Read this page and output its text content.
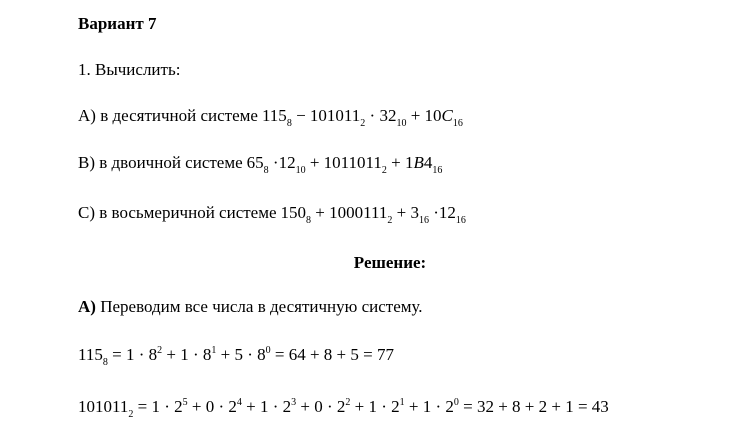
Вариант 7
1. Вычислить:
А) в десятичной системе $115_8 - 101011_2 \cdot 32_{10} + 10C_{16}$
B) в двоичной системе $65_8 \cdot 12_{10} + 1011011_2 + 1B4_{16}$
C) в восьмеричной системе $150_8 + 1000111_2 + 3_{16} \cdot 12_{16}$
Решение:
А) Переводим все числа в десятичную систему.
$115_8 = 1 \cdot 8^2 + 1 \cdot 8^1 + 5 \cdot 8^0 = 64 + 8 + 5 = 77$
$101011_2 = 1 \cdot 2^5 + 0 \cdot 2^4 + 1 \cdot 2^3 + 0 \cdot 2^2 + 1 \cdot 2^1 + 1 \cdot 2^0 = 32 + 8 + 2 + 1 = 43$
